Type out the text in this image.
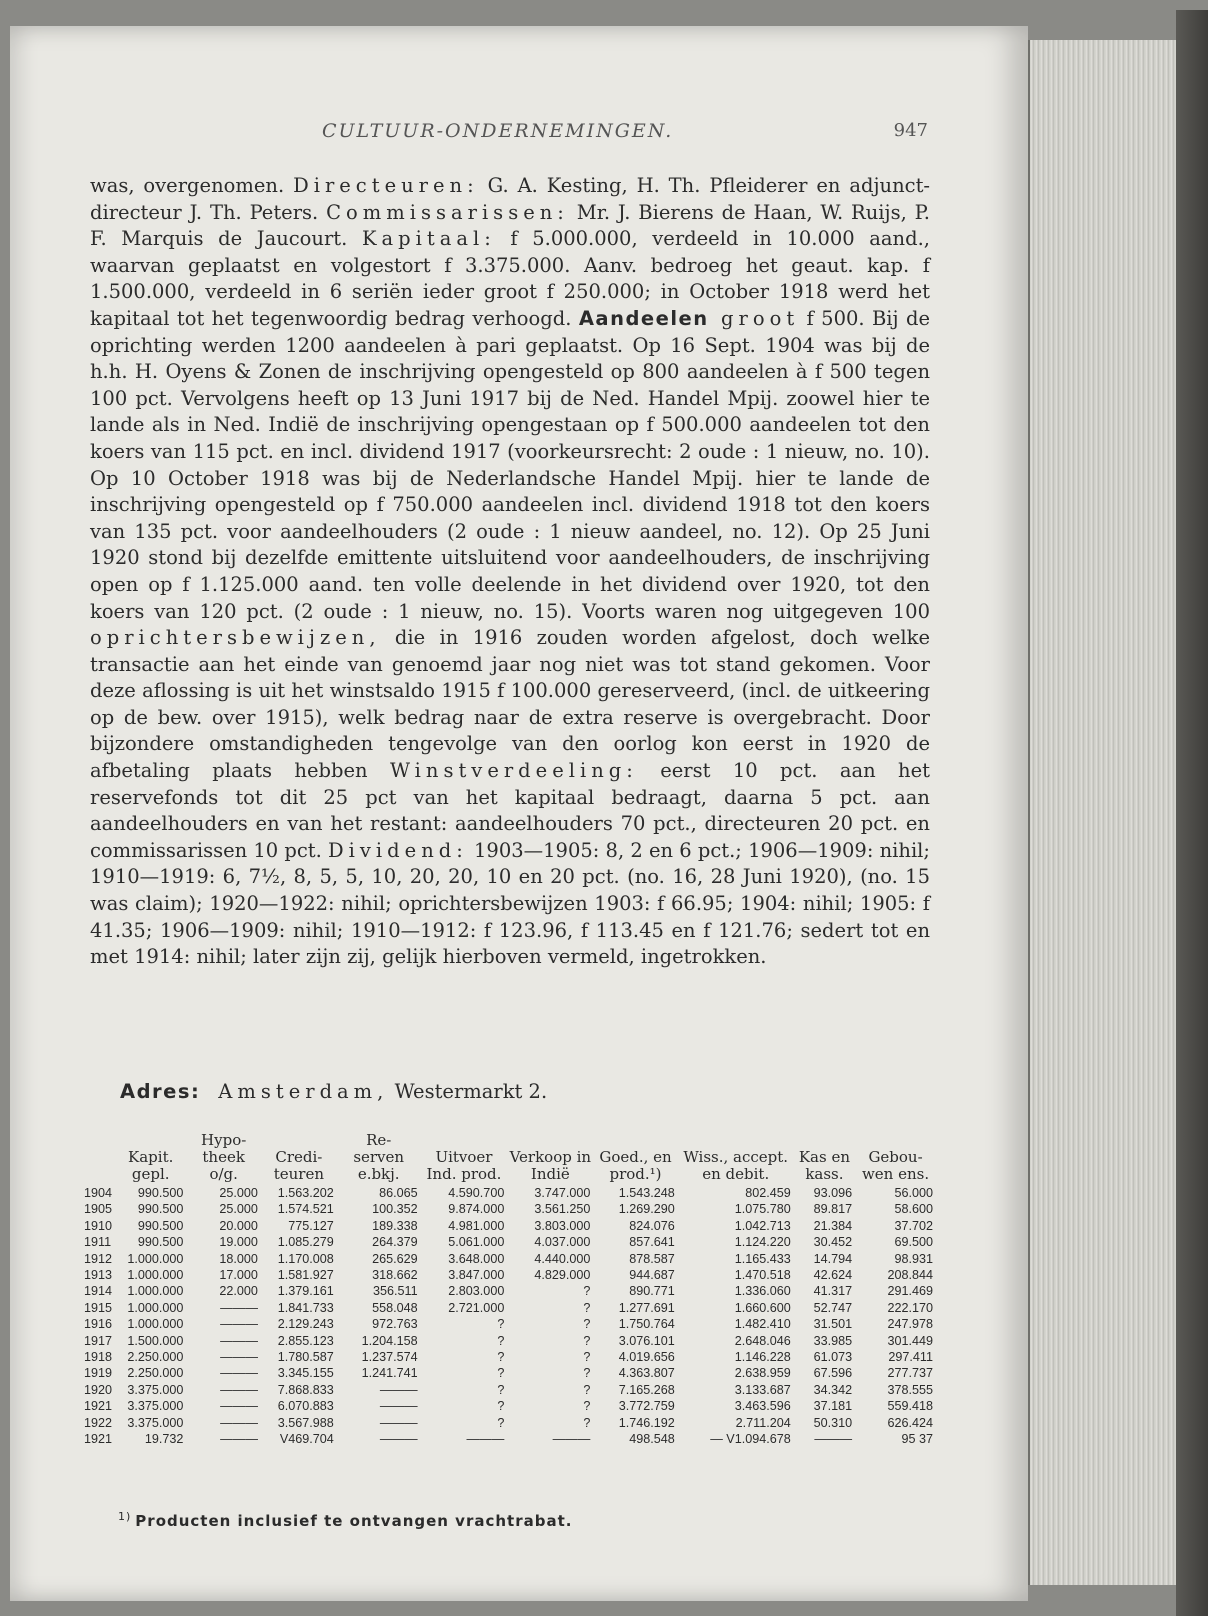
CULTUUR-ONDERNEMINGEN.	947

was, overgenomen. Directeuren: G. A. Kesting, H. Th. Pfleiderer en adjunct-directeur J. Th. Peters. Commissarissen: Mr. J. Bierens de Haan, W. Ruijs, P. F. Marquis de Jaucourt. Kapitaal: f 5.000.000, verdeeld in 10.000 aand., waarvan geplaatst en volgestort f 3.375.000. Aanv. bedroeg het geaut. kap. f 1.500.000, verdeeld in 6 seriën ieder groot f 250.000; in October 1918 werd het kapitaal tot het tegenwoordig bedrag verhoogd. Aandeelen groot f 500. Bij de oprichting werden 1200 aandeelen à pari geplaatst. Op 16 Sept. 1904 was bij de h.h. H. Oyens & Zonen de inschrijving opengesteld op 800 aandeelen à f 500 tegen 100 pct. Vervolgens heeft op 13 Juni 1917 bij de Ned. Handel Mpij. zoowel hier te lande als in Ned. Indië de inschrijving opengestaan op f 500.000 aandeelen tot den koers van 115 pct. en incl. dividend 1917 (voorkeursrecht: 2 oude : 1 nieuw, no. 10). Op 10 October 1918 was bij de Nederlandsche Handel Mpij. hier te lande de inschrijving opengesteld op f 750.000 aandeelen incl. dividend 1918 tot den koers van 135 pct. voor aandeelhouders (2 oude : 1 nieuw aandeel, no. 12). Op 25 Juni 1920 stond bij dezelfde emittente uitsluitend voor aandeelhouders, de inschrijving open op f 1.125.000 aand. ten volle deelende in het dividend over 1920, tot den koers van 120 pct. (2 oude : 1 nieuw, no. 15). Voorts waren nog uitgegeven 100 oprichtersbewijzen, die in 1916 zouden worden afgelost, doch welke transactie aan het einde van genoemd jaar nog niet was tot stand gekomen. Voor deze aflossing is uit het winstsaldo 1915 f 100.000 gereserveerd, (incl. de uitkeering op de bew. over 1915), welk bedrag naar de extra reserve is overgebracht. Door bijzondere omstandigheden tengevolge van den oorlog kon eerst in 1920 de afbetaling plaats hebben Winstverdeeling: eerst 10 pct. aan het reservefonds tot dit 25 pct van het kapitaal bedraagt, daarna 5 pct. aan aandeelhouders en van het restant: aandeelhouders 70 pct., directeuren 20 pct. en commissarissen 10 pct. Dividend: 1903—1905: 8, 2 en 6 pct.; 1906—1909: nihil; 1910—1919: 6, 7½, 8, 5, 5, 10, 20, 20, 10 en 20 pct. (no. 16, 28 Juni 1920), (no. 15 was claim); 1920—1922: nihil; oprichtersbewijzen 1903: f 66.95; 1904: nihil; 1905: f 41.35; 1906—1909: nihil; 1910—1912: f 123.96, f 113.45 en f 121.76; sedert tot en met 1914: nihil; later zijn zij, gelijk hierboven vermeld, ingetrokken.

Adres: Amsterdam, Westermarkt 2.
	Kapit. gepl.	Hypo- theek o/g.	Credi- teuren	Re- serven e.bkj.	Uitvoer Ind. prod.	Verkoop in Indië	Goed., en prod.¹)	Wiss., accept. en debit.	Kas en kass.	Gebou- wen ens.
1904	990.500	25.000	1.563.202	86.065	4.590.700	3.747.000	1.543.248	802.459	93.096	56.000
1905	990.500	25.000	1.574.521	100.352	9.874.000	3.561.250	1.269.290	1.075.780	89.817	58.600
1910	990.500	20.000	775.127	189.338	4.981.000	3.803.000	824.076	1.042.713	21.384	37.702
1911	990.500	19.000	1.085.279	264.379	5.061.000	4.037.000	857.641	1.124.220	30.452	69.500
1912	1.000.000	18.000	1.170.008	265.629	3.648.000	4.440.000	878.587	1.165.433	14.794	98.931
1913	1.000.000	17.000	1.581.927	318.662	3.847.000	4.829.000	944.687	1.470.518	42.624	208.844
1914	1.000.000	22.000	1.379.161	356.511	2.803.000	?	890.771	1.336.060	41.317	291.469
1915	1.000.000	———	1.841.733	558.048	2.721.000	?	1.277.691	1.660.600	52.747	222.170
1916	1.000.000	———	2.129.243	972.763	?	?	1.750.764	1.482.410	31.501	247.978
1917	1.500.000	———	2.855.123	1.204.158	?	?	3.076.101	2.648.046	33.985	301.449
1918	2.250.000	———	1.780.587	1.237.574	?	?	4.019.656	1.146.228	61.073	297.411
1919	2.250.000	———	3.345.155	1.241.741	?	?	4.363.807	2.638.959	67.596	277.737
1920	3.375.000	———	7.868.833	———	?	?	7.165.268	3.133.687	34.342	378.555
1921	3.375.000	———	6.070.883	———	?	?	3.772.759	3.463.596	37.181	559.418
1922	3.375.000	———	3.567.988	———	?	?	1.746.192	2.711.204	50.310	626.424
1921	19.732	———	V469.704	———	———	———	498.548	— V1.094.678	———	95 37
$^{1)}$ Producten inclusief te ontvangen vrachtrabat.
